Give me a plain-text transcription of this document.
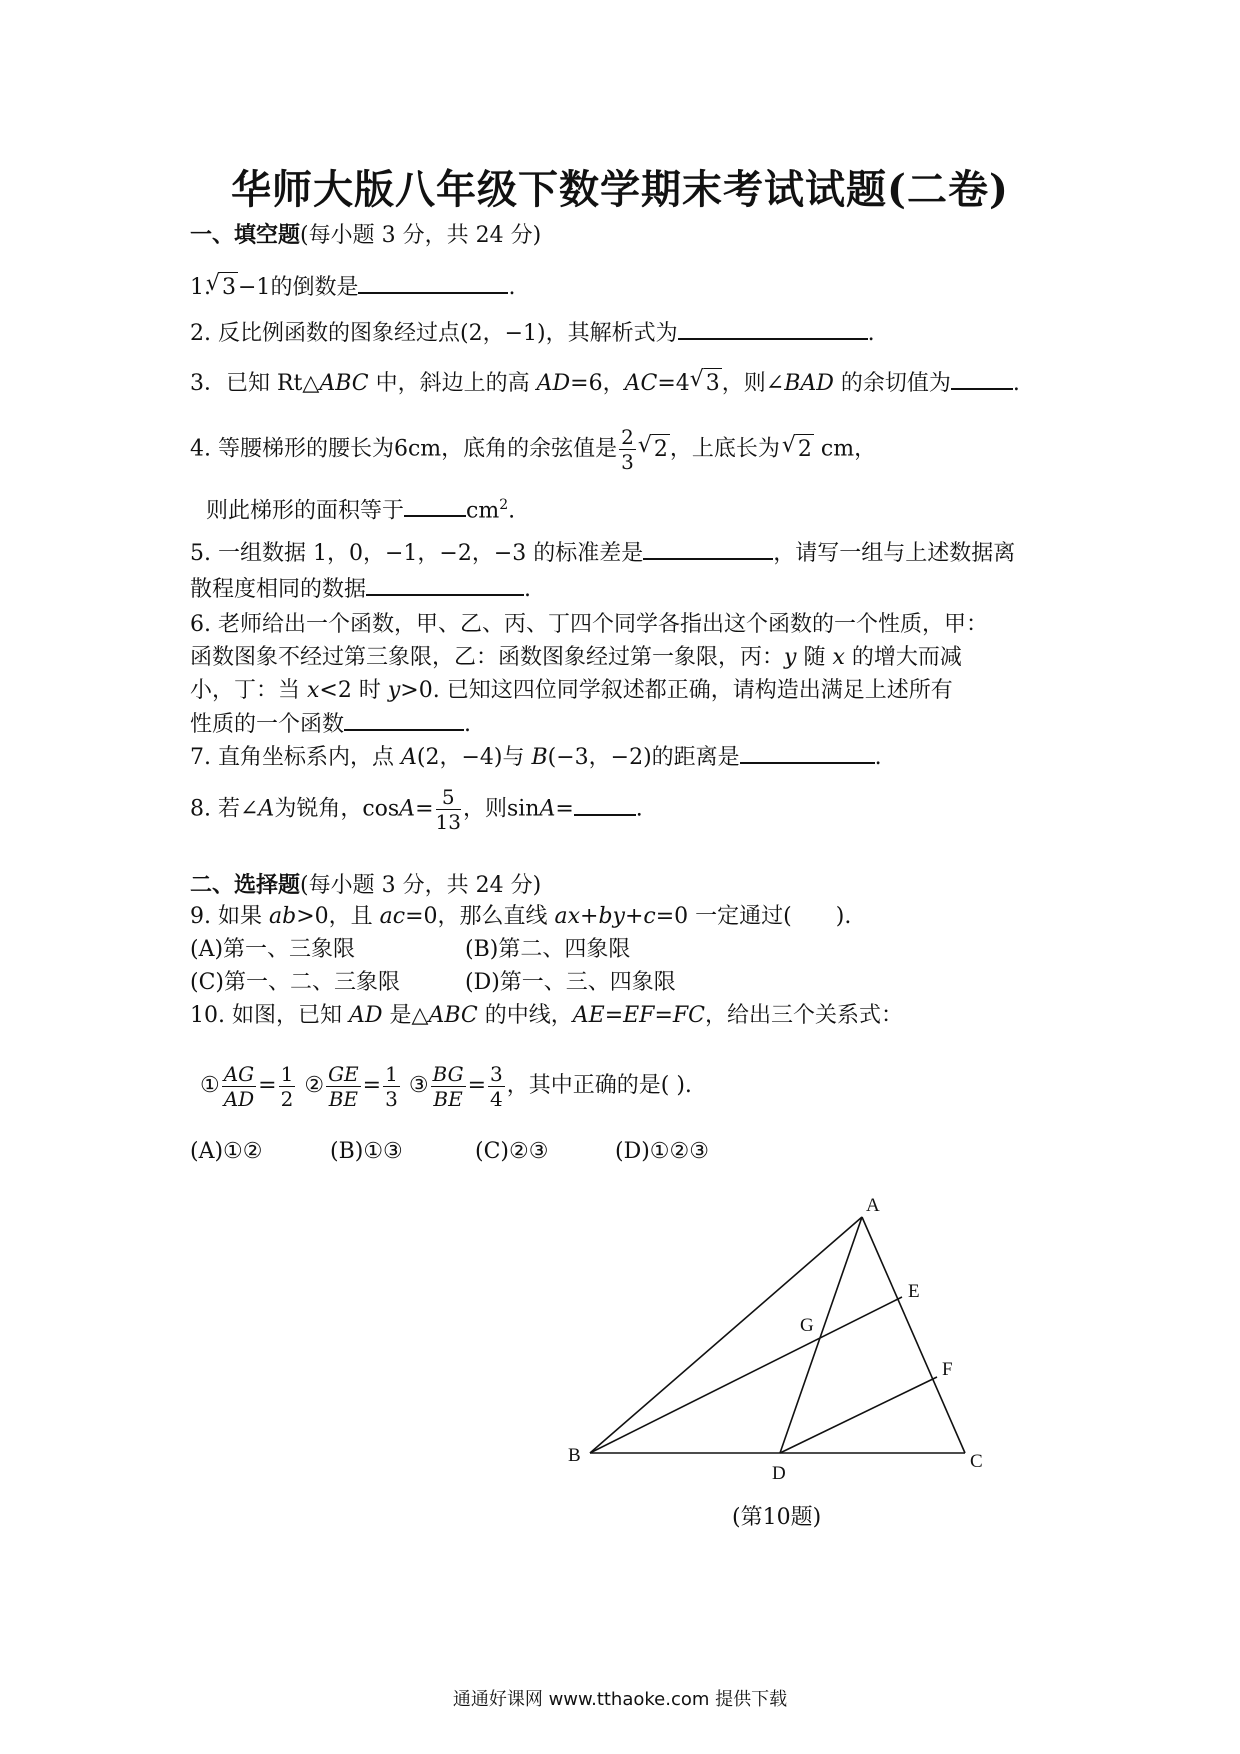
华师大版八年级下数学期末考试试题(二卷)
一、填空题(每小题 3 分，共 24 分)
1. √ 3−1的倒数是	.
2. 反比例函数的图象经过点(2，−1)，其解析式为	.
3．已知 Rt△ABC 中，斜边上的高 AD=6，AC=4 √ 3，则∠BAD 的余切值为	.
4. 等腰梯形的腰长为6cm，底角的余弦值是 $\frac{2}{3}$ √ 2，上底长为 √ 2 cm，
则此梯形的面积等于	$cm^2$.
5. 一组数据 1，0，−1，−2，−3 的标准差是	，请写一组与上述数据离
散程度相同的数据	.
6. 老师给出一个函数，甲、乙、丙、丁四个同学各指出这个函数的一个性质，甲：
函数图象不经过第三象限，乙：函数图象经过第一象限，丙：y 随 x 的增大而减
小，丁：当 x<2 时 y>0. 已知这四位同学叙述都正确，请构造出满足上述所有
性质的一个函数	.
7. 直角坐标系内，点 A(2，−4)与 B(−3，−2)的距离是	.
8. 若∠A为锐角，$\cos A= \frac{5}{13}$ ，则sinA=	.
二、选择题(每小题 3 分，共 24 分)
9. 如果 ab>0，且 ac=0，那么直线 ax+by+c=0 一定通过(　　).
(A)第一、三象限	(B)第二、四象限
(C)第一、二、三象限	(D)第一、三、四象限
10. 如图，已知 AD 是△ABC 的中线，AE=EF=FC，给出三个关系式：
① $\frac{AG}{AD} = \frac{1}{2}$ ② $\frac{GE}{BE} = \frac{1}{3}$ ③ $\frac{BG}{BE} = \frac{3}{4}$ ，其中正确的是( ).
(A)①②	(B)①③	(C)②③	(D)①②③
A
B	C
D
E
F
G
(第10题)
通通好课网 www.tthaoke.com 提供下载
